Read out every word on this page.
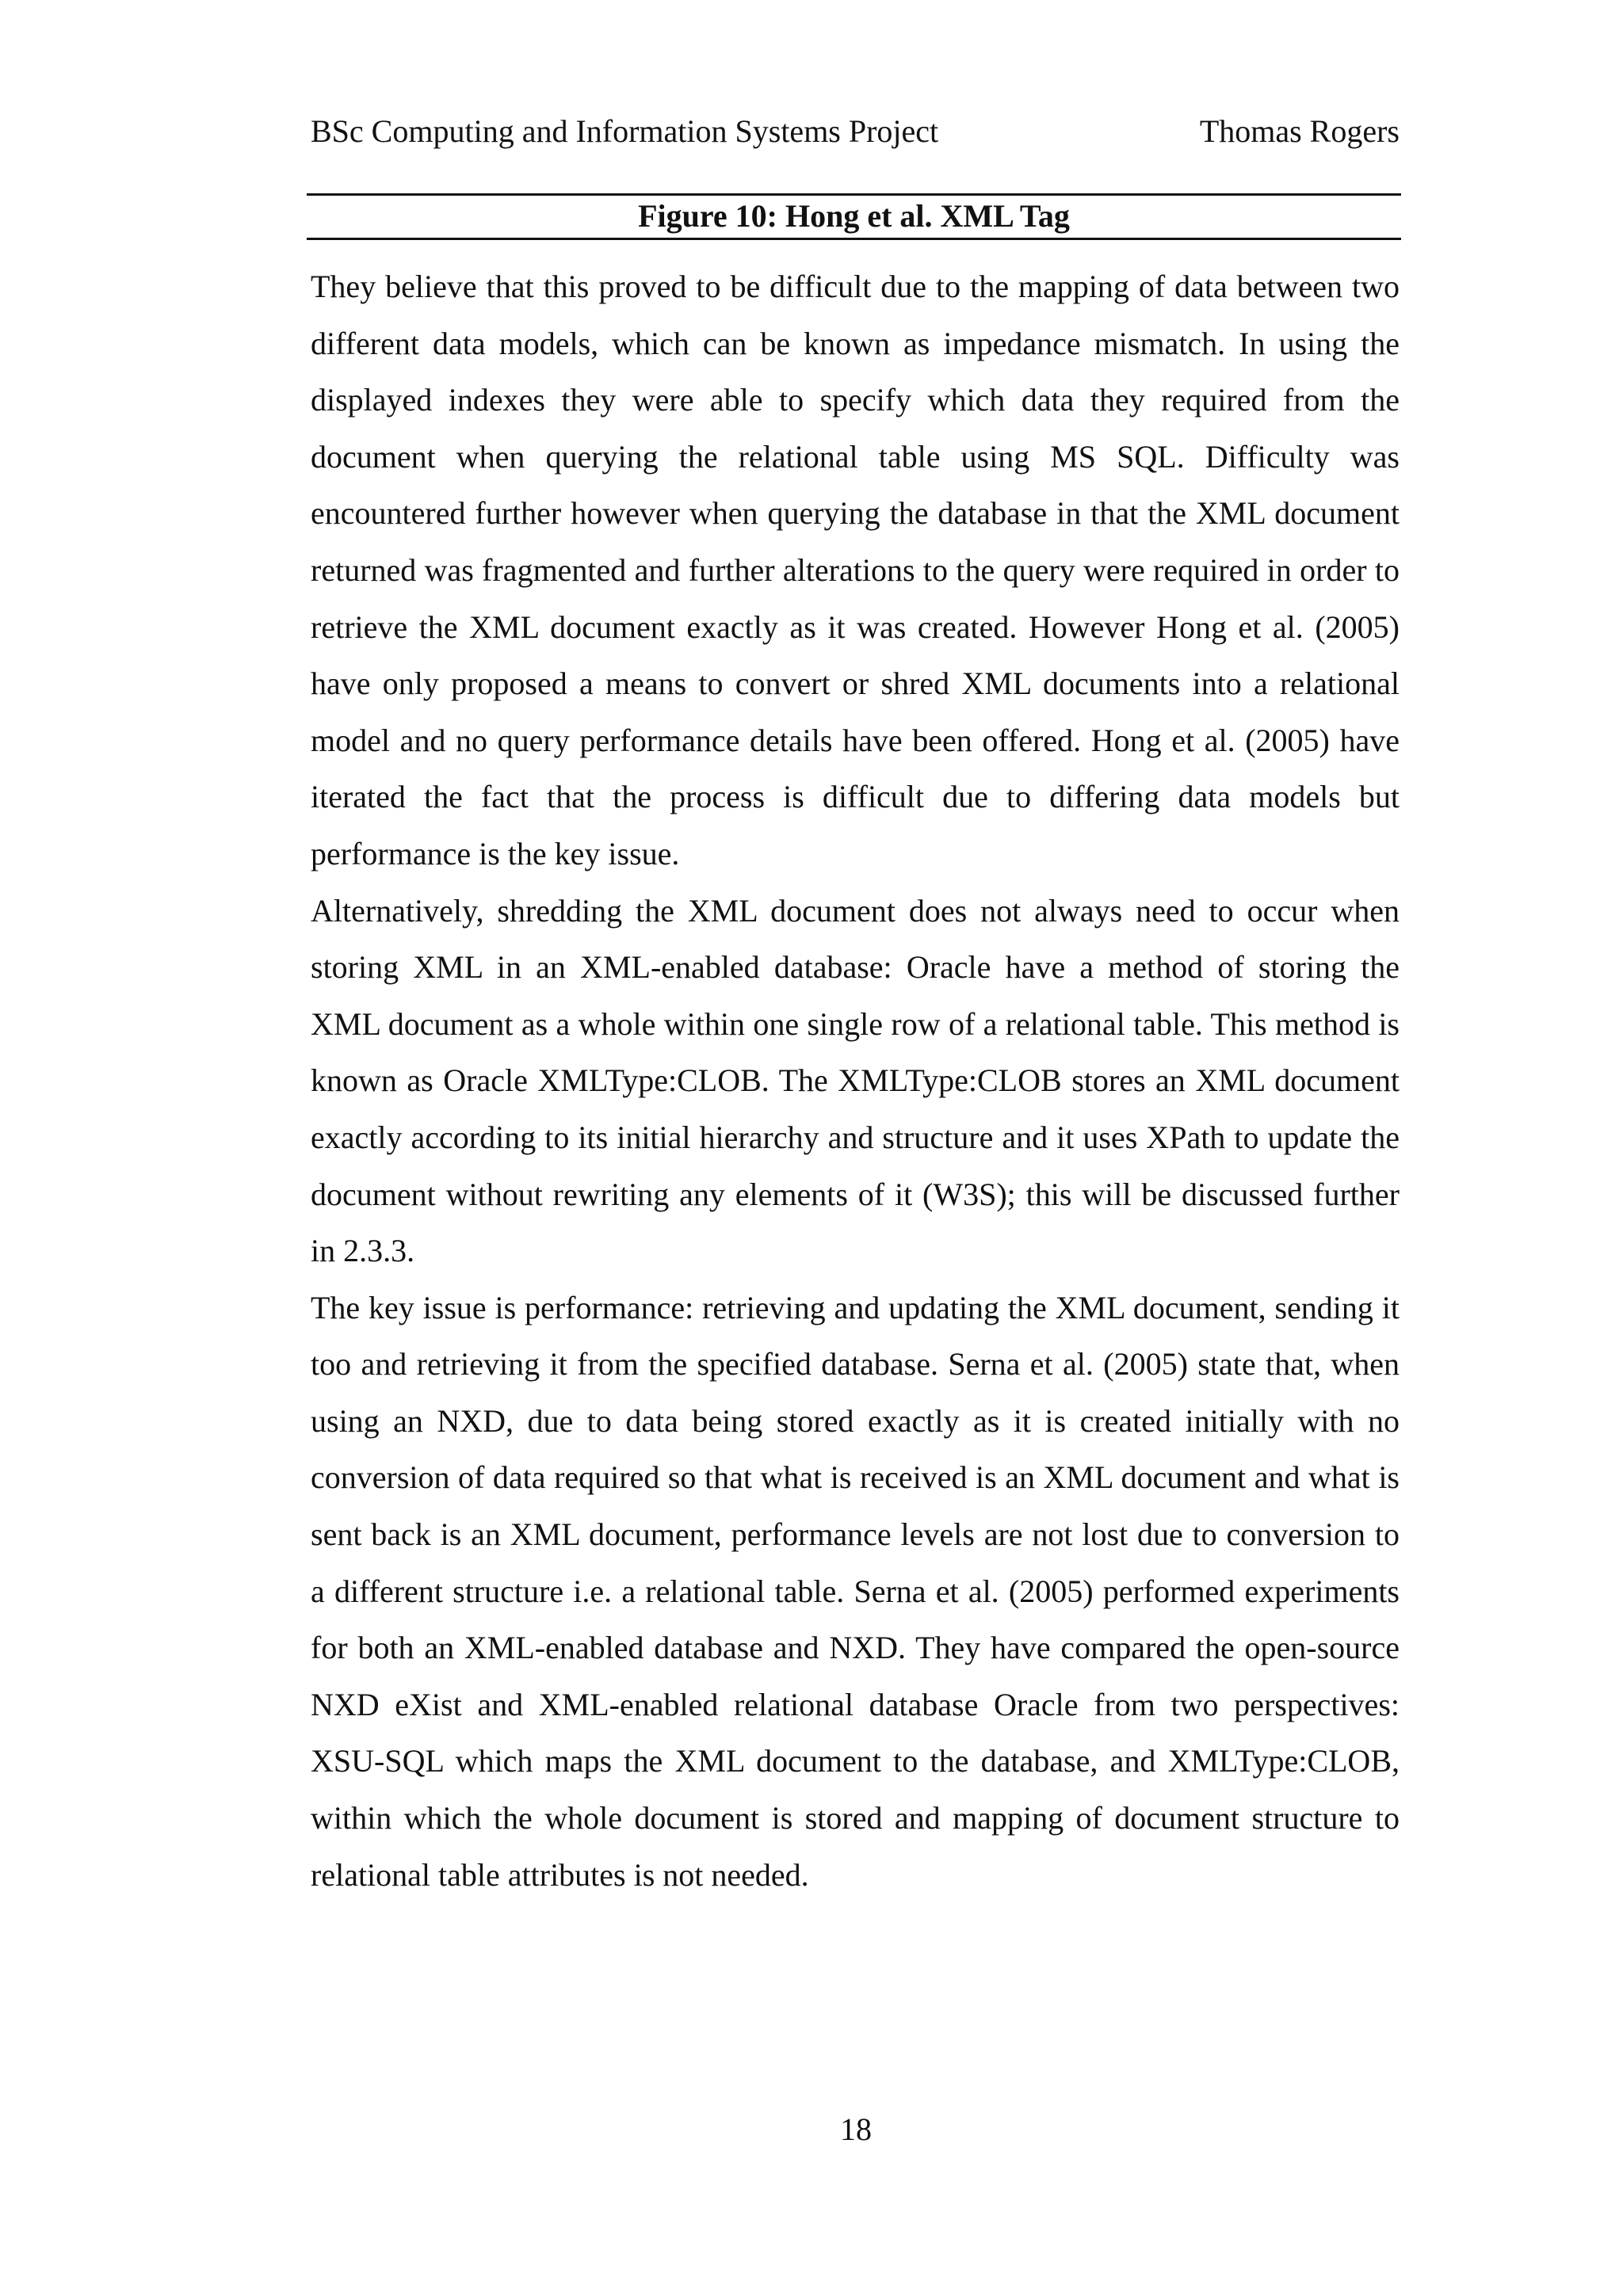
BSc Computing and Information Systems Project	Thomas Rogers
Figure 10: Hong et al. XML Tag

They believe that this proved to be difficult due to the mapping of data between two different data models, which can be known as impedance mismatch. In using the displayed indexes they were able to specify which data they required from the document when querying the relational table using MS SQL. Difficulty was encountered further however when querying the database in that the XML document returned was fragmented and further alterations to the query were required in order to retrieve the XML document exactly as it was created. However Hong et al. (2005) have only proposed a means to convert or shred XML documents into a relational model and no query performance details have been offered. Hong et al. (2005) have iterated the fact that the process is difficult due to differing data models but performance is the key issue.

Alternatively, shredding the XML document does not always need to occur when storing XML in an XML-enabled database: Oracle have a method of storing the XML document as a whole within one single row of a relational table. This method is known as Oracle XMLType:CLOB. The XMLType:CLOB stores an XML document exactly according to its initial hierarchy and structure and it uses XPath to update the document without rewriting any elements of it (W3S); this will be discussed further in 2.3.3.

The key issue is performance: retrieving and updating the XML document, sending it too and retrieving it from the specified database. Serna et al. (2005) state that, when using an NXD, due to data being stored exactly as it is created initially with no conversion of data required so that what is received is an XML document and what is sent back is an XML document, performance levels are not lost due to conversion to a different structure i.e. a relational table. Serna et al. (2005) performed experiments for both an XML-enabled database and NXD. They have compared the open-source NXD eXist and XML-enabled relational database Oracle from two perspectives: XSU-SQL which maps the XML document to the database, and XMLType:CLOB, within which the whole document is stored and mapping of document structure to relational table attributes is not needed.

18
